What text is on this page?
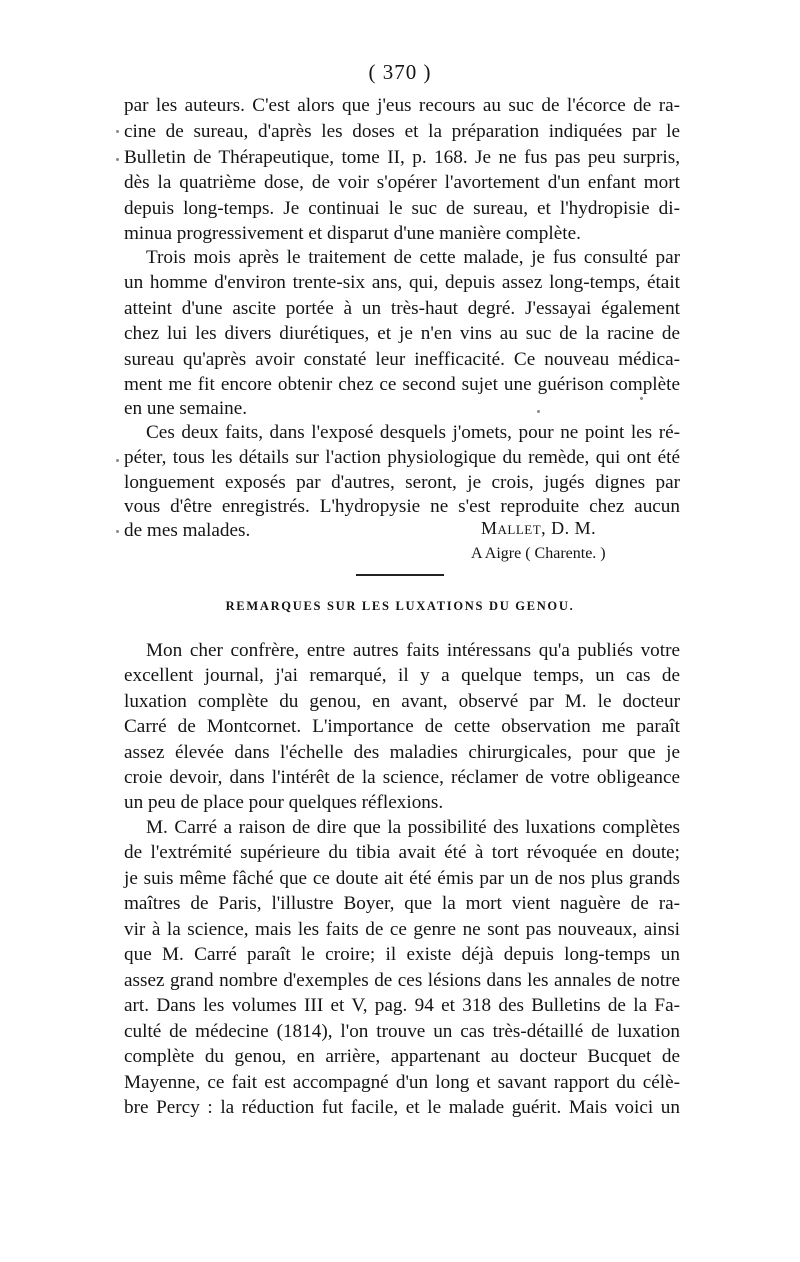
( 370 )
par les auteurs. C'est alors que j'eus recours au suc de l'écorce de ra-
cine de sureau, d'après les doses et la préparation indiquées par le
Bulletin de Thérapeutique, tome II, p. 168. Je ne fus pas peu surpris,
dès la quatrième dose, de voir s'opérer l'avortement d'un enfant mort
depuis long-temps. Je continuai le suc de sureau, et l'hydropisie di-
minua progressivement et disparut d'une manière complète.
Trois mois après le traitement de cette malade, je fus consulté par
un homme d'environ trente-six ans, qui, depuis assez long-temps, était
atteint d'une ascite portée à un très-haut degré. J'essayai également
chez lui les divers diurétiques, et je n'en vins au suc de la racine de
sureau qu'après avoir constaté leur inefficacité. Ce nouveau médica-
ment me fit encore obtenir chez ce second sujet une guérison complète
en une semaine.
Ces deux faits, dans l'exposé desquels j'omets, pour ne point les ré-
péter, tous les détails sur l'action physiologique du remède, qui ont été
longuement exposés par d'autres, seront, je crois, jugés dignes par
vous d'être enregistrés. L'hydropysie ne s'est reproduite chez aucun
de mes malades.	Mallet, D. M.
A Aigre ( Charente. )
REMARQUES SUR LES LUXATIONS DU GENOU.
Mon cher confrère, entre autres faits intéressans qu'a publiés votre
excellent journal, j'ai remarqué, il y a quelque temps, un cas de
luxation complète du genou, en avant, observé par M. le docteur
Carré de Montcornet. L'importance de cette observation me paraît
assez élevée dans l'échelle des maladies chirurgicales, pour que je
croie devoir, dans l'intérêt de la science, réclamer de votre obligeance
un peu de place pour quelques réflexions.
M. Carré a raison de dire que la possibilité des luxations complètes
de l'extrémité supérieure du tibia avait été à tort révoquée en doute;
je suis même fâché que ce doute ait été émis par un de nos plus grands
maîtres de Paris, l'illustre Boyer, que la mort vient naguère de ra-
vir à la science, mais les faits de ce genre ne sont pas nouveaux, ainsi
que M. Carré paraît le croire; il existe déjà depuis long-temps un
assez grand nombre d'exemples de ces lésions dans les annales de notre
art. Dans les volumes III et V, pag. 94 et 318 des Bulletins de la Fa-
culté de médecine (1814), l'on trouve un cas très-détaillé de luxation
complète du genou, en arrière, appartenant au docteur Bucquet de
Mayenne, ce fait est accompagné d'un long et savant rapport du célè-
bre Percy : la réduction fut facile, et le malade guérit. Mais voici un
